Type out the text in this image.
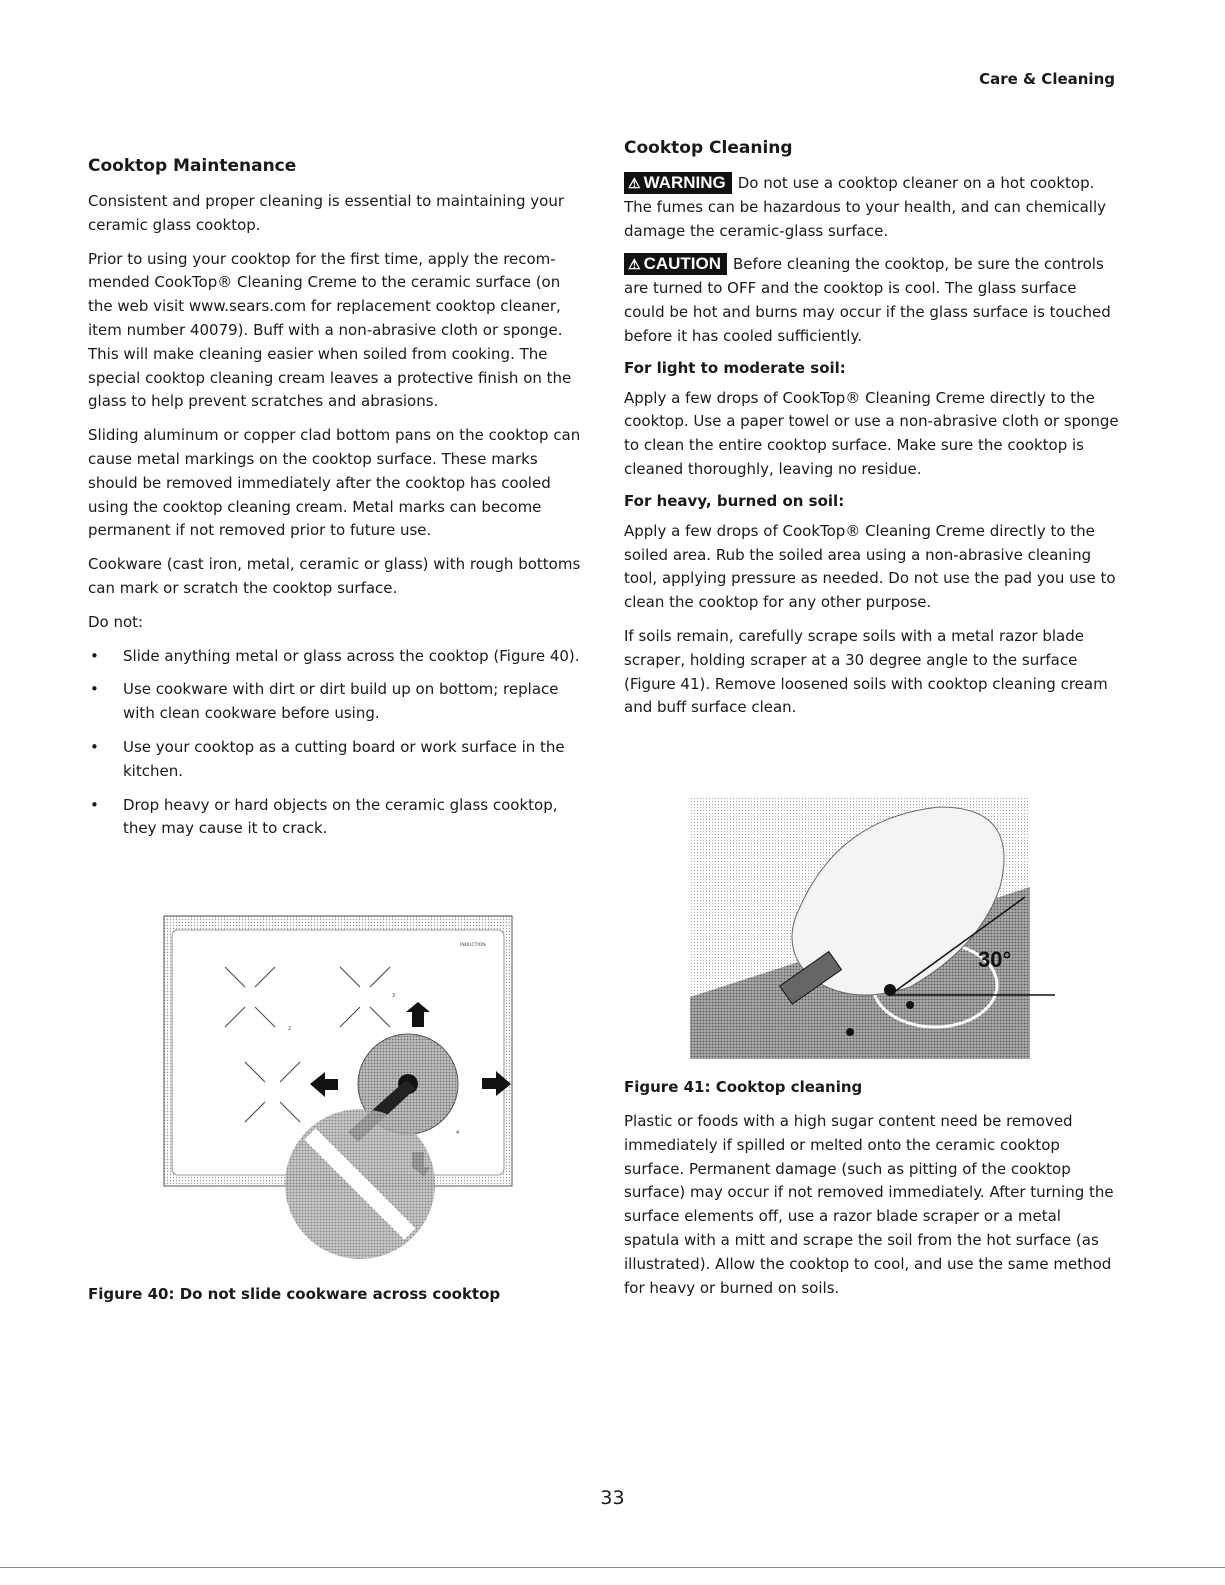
Care & Cleaning
Cooktop Maintenance

Consistent and proper cleaning is essential to maintaining your ceramic glass cooktop.

Prior to using your cooktop for the first time, apply the recom-mended CookTop® Cleaning Creme to the ceramic surface (on the web visit www.sears.com for replacement cooktop cleaner, item number 40079). Buff with a non-abrasive cloth or sponge. This will make cleaning easier when soiled from cooking. The special cooktop cleaning cream leaves a protective finish on the glass to help prevent scratches and abrasions.

Sliding aluminum or copper clad bottom pans on the cooktop can cause metal markings on the cooktop surface. These marks should be removed immediately after the cooktop has cooled using the cooktop cleaning cream. Metal marks can become permanent if not removed prior to future use.

Cookware (cast iron, metal, ceramic or glass) with rough bottoms can mark or scratch the cooktop surface.

Do not:

• Slide anything metal or glass across the cooktop (Figure 40).
• Use cookware with dirt or dirt build up on bottom; replace with clean cookware before using.
• Use your cooktop as a cutting board or work surface in the kitchen.
• Drop heavy or hard objects on the ceramic glass cooktop, they may cause it to crack.
2
3
4
INDUCTION
Figure 40: Do not slide cookware across cooktop
Cooktop Cleaning

⚠ WARNING Do not use a cooktop cleaner on a hot cooktop. The fumes can be hazardous to your health, and can chemically damage the ceramic-glass surface.

⚠ CAUTION Before cleaning the cooktop, be sure the controls are turned to OFF and the cooktop is cool. The glass surface could be hot and burns may occur if the glass surface is touched before it has cooled sufficiently.

For light to moderate soil:

Apply a few drops of CookTop® Cleaning Creme directly to the cooktop. Use a paper towel or use a non-abrasive cloth or sponge to clean the entire cooktop surface. Make sure the cooktop is cleaned thoroughly, leaving no residue.

For heavy, burned on soil:

Apply a few drops of CookTop® Cleaning Creme directly to the soiled area. Rub the soiled area using a non-abrasive cleaning tool, applying pressure as needed. Do not use the pad you use to clean the cooktop for any other purpose.

If soils remain, carefully scrape soils with a metal razor blade scraper, holding scraper at a 30 degree angle to the surface (Figure 41). Remove loosened soils with cooktop cleaning cream and buff surface clean.

30°
Figure 41: Cooktop cleaning

Plastic or foods with a high sugar content need be removed immediately if spilled or melted onto the ceramic cooktop surface. Permanent damage (such as pitting of the cooktop surface) may occur if not removed immediately. After turning the surface elements off, use a razor blade scraper or a metal spatula with a mitt and scrape the soil from the hot surface (as illustrated). Allow the cooktop to cool, and use the same method for heavy or burned on soils.

33
